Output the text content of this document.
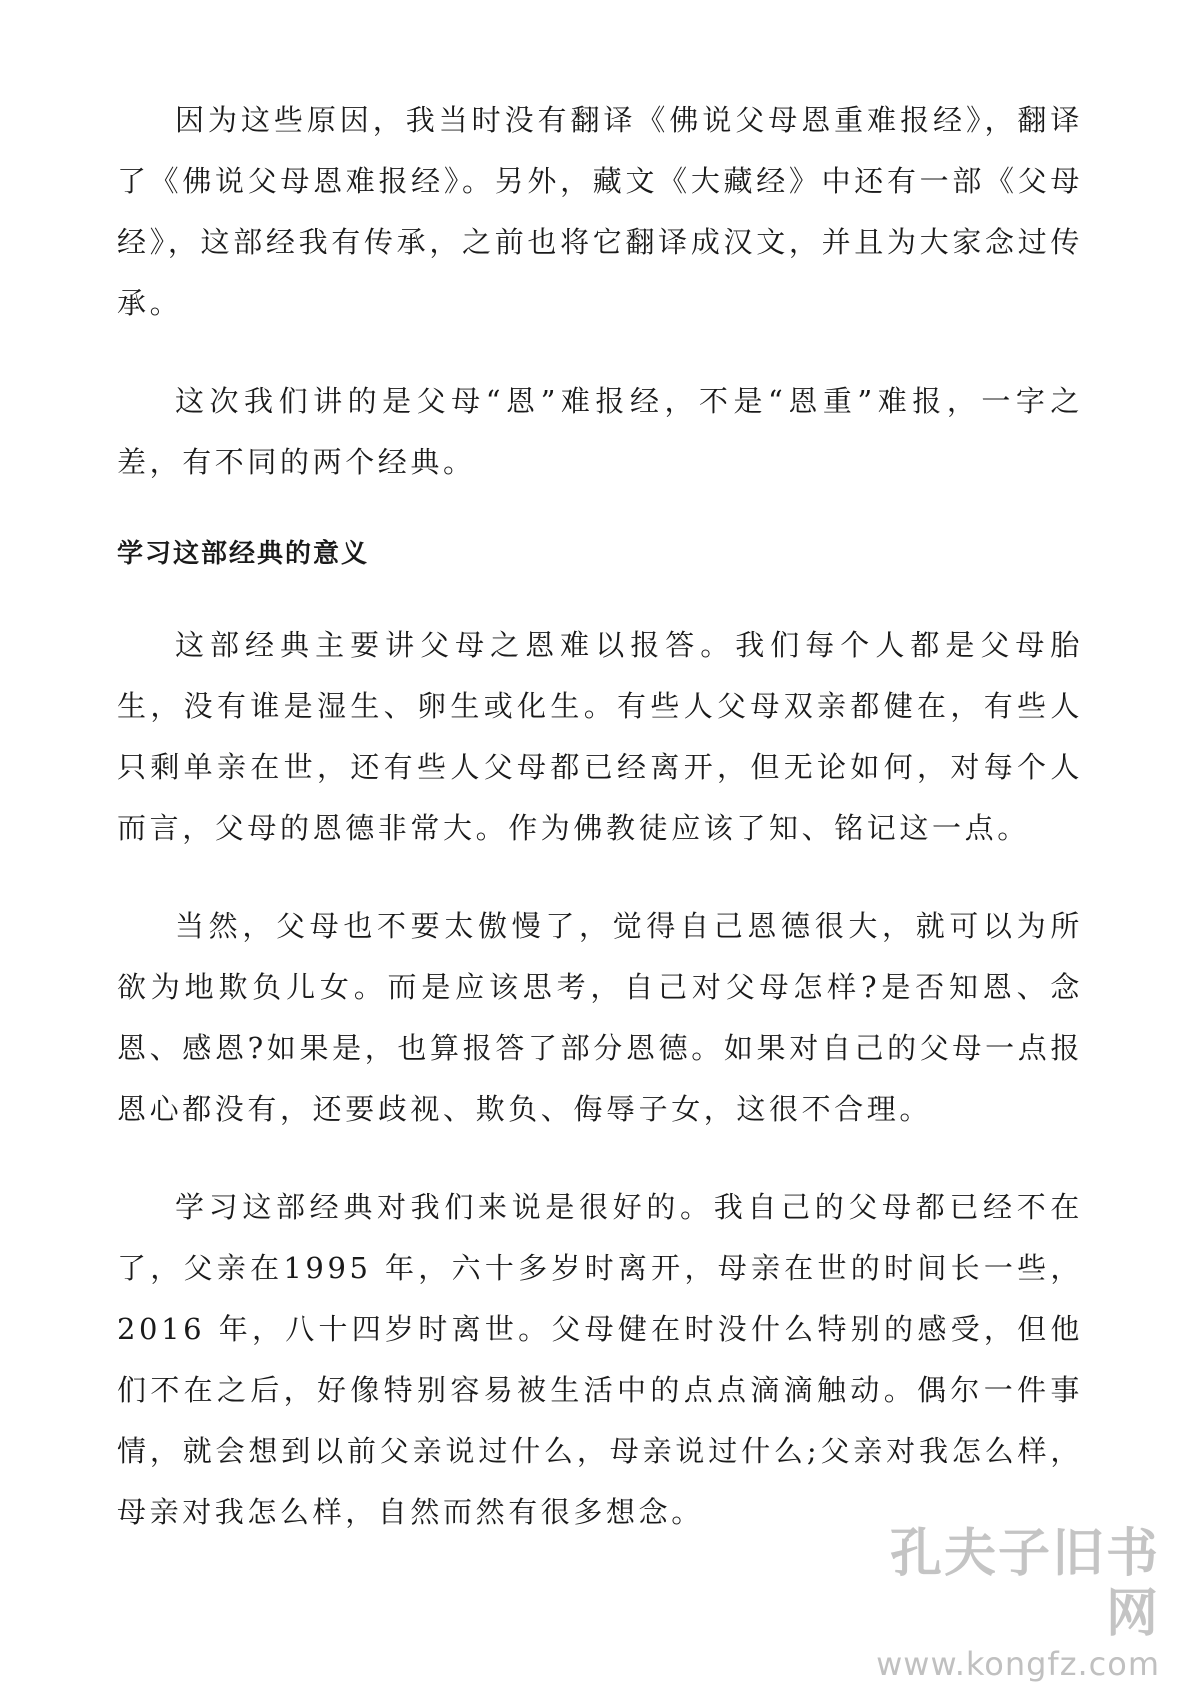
因为这些原因，我当时没有翻译《佛说父母恩重难报经》，翻译了《佛说父母恩难报经》。另外，藏文《大藏经》中还有一部《父母经》，这部经我有传承，之前也将它翻译成汉文，并且为大家念过传承。

这次我们讲的是父母“恩”难报经，不是“恩重”难报，一字之差，有不同的两个经典。

学习这部经典的意义

这部经典主要讲父母之恩难以报答。我们每个人都是父母胎生，没有谁是湿生、卵生或化生。有些人父母双亲都健在，有些人只剩单亲在世，还有些人父母都已经离开，但无论如何，对每个人而言，父母的恩德非常大。作为佛教徒应该了知、铭记这一点。

当然，父母也不要太傲慢了，觉得自己恩德很大，就可以为所欲为地欺负儿女。而是应该思考，自己对父母怎样?是否知恩、念恩、感恩?如果是，也算报答了部分恩德。如果对自己的父母一点报恩心都没有，还要歧视、欺负、侮辱子女，这很不合理。

学习这部经典对我们来说是很好的。我自己的父母都已经不在了，父亲在1995 年，六十多岁时离开，母亲在世的时间长一些，2016 年，八十四岁时离世。父母健在时没什么特别的感受，但他们不在之后，好像特别容易被生活中的点点滴滴触动。偶尔一件事情，就会想到以前父亲说过什么，母亲说过什么;父亲对我怎么样，母亲对我怎么样，自然而然有很多想念。

孔夫子旧书网
www.kongfz.com
